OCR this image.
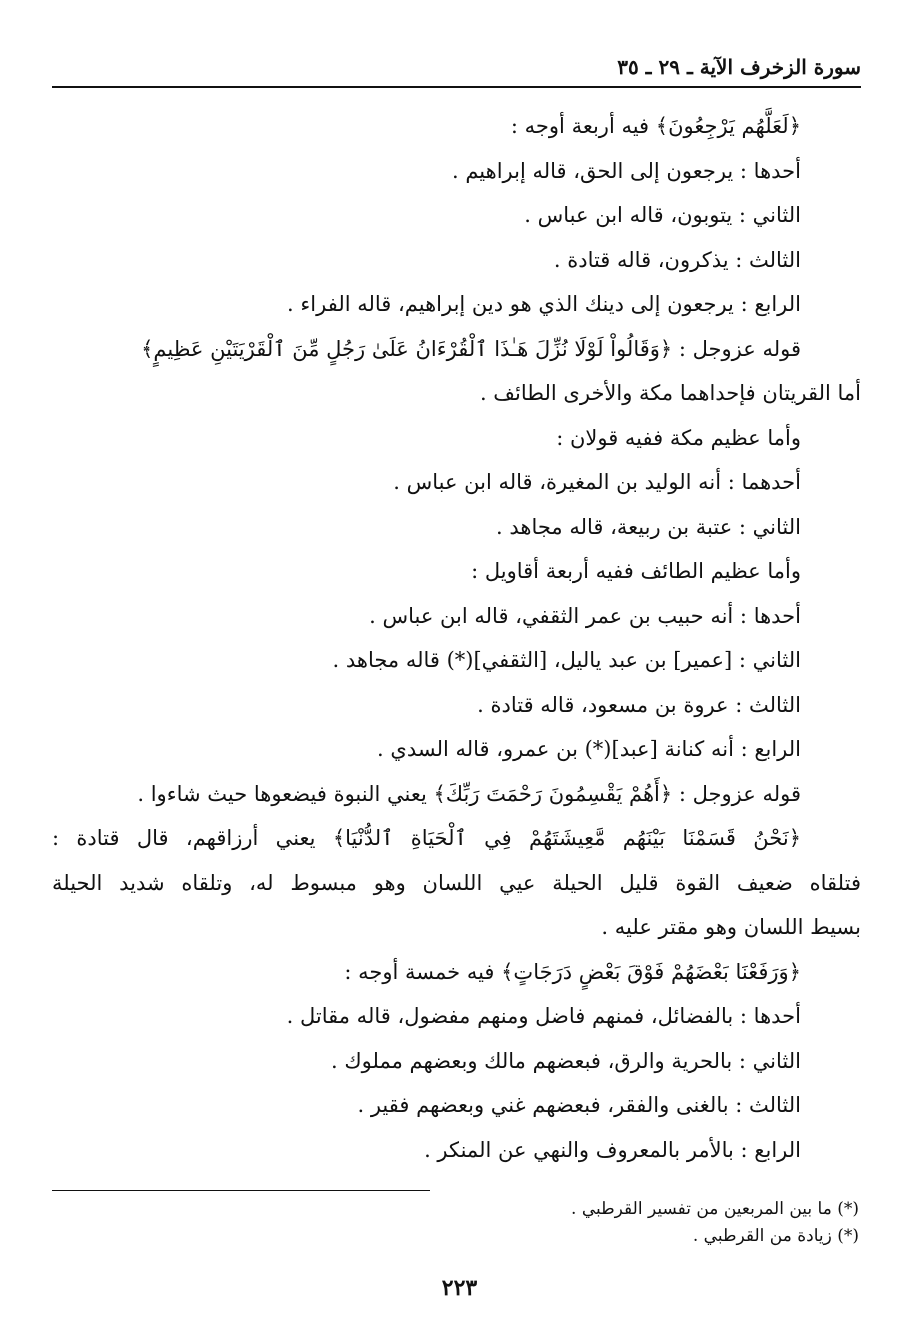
سورة الزخرف الآية ـ ٢٩ ـ ٣٥
﴿لَعَلَّهُم يَرْجِعُونَ﴾ فيه أربعة أوجه :
أحدها : يرجعون إلى الحق، قاله إبراهيم .
الثاني : يتوبون، قاله ابن عباس .
الثالث : يذكرون، قاله قتادة .
الرابع : يرجعون إلى دينك الذي هو دين إبراهيم، قاله الفراء .
قوله عزوجل : ﴿وَقَالُواْ لَوْلَا نُزِّلَ هَـٰذَا ٱلْقُرْءَانُ عَلَىٰ رَجُلٍ مِّنَ ٱلْقَرْيَتَيْنِ عَظِيمٍ﴾
أما القريتان فإحداهما مكة والأخرى الطائف .
وأما عظيم مكة ففيه قولان :
أحدهما : أنه الوليد بن المغيرة، قاله ابن عباس .
الثاني : عتبة بن ربيعة، قاله مجاهد .
وأما عظيم الطائف ففيه أربعة أقاويل :
أحدها : أنه حبيب بن عمر الثقفي، قاله ابن عباس .
الثاني : [عمير] بن عبد ياليل، [الثقفي](*) قاله مجاهد .
الثالث : عروة بن مسعود، قاله قتادة .
الرابع : أنه كنانة [عبد](*) بن عمرو، قاله السدي .
قوله عزوجل : ﴿أَهُمْ يَقْسِمُونَ رَحْمَتَ رَبِّكَ﴾ يعني النبوة فيضعوها حيث شاءوا .
﴿نَحْنُ قَسَمْنَا بَيْنَهُم مَّعِيشَتَهُمْ فِي ٱلْحَيَاةِ ٱلدُّنْيَا﴾ يعني أرزاقهم، قال قتادة :
فتلقاه ضعيف القوة قليل الحيلة عيي اللسان وهو مبسوط له، وتلقاه شديد الحيلة
بسيط اللسان وهو مقتر عليه .
﴿وَرَفَعْنَا بَعْضَهُمْ فَوْقَ بَعْضٍ دَرَجَاتٍ﴾ فيه خمسة أوجه :
أحدها : بالفضائل، فمنهم فاضل ومنهم مفضول، قاله مقاتل .
الثاني : بالحرية والرق، فبعضهم مالك وبعضهم مملوك .
الثالث : بالغنى والفقر، فبعضهم غني وبعضهم فقير .
الرابع : بالأمر بالمعروف والنهي عن المنكر .
(*) ما بين المربعين من تفسير القرطبي .
(*) زيادة من القرطبي .
٢٢٣
